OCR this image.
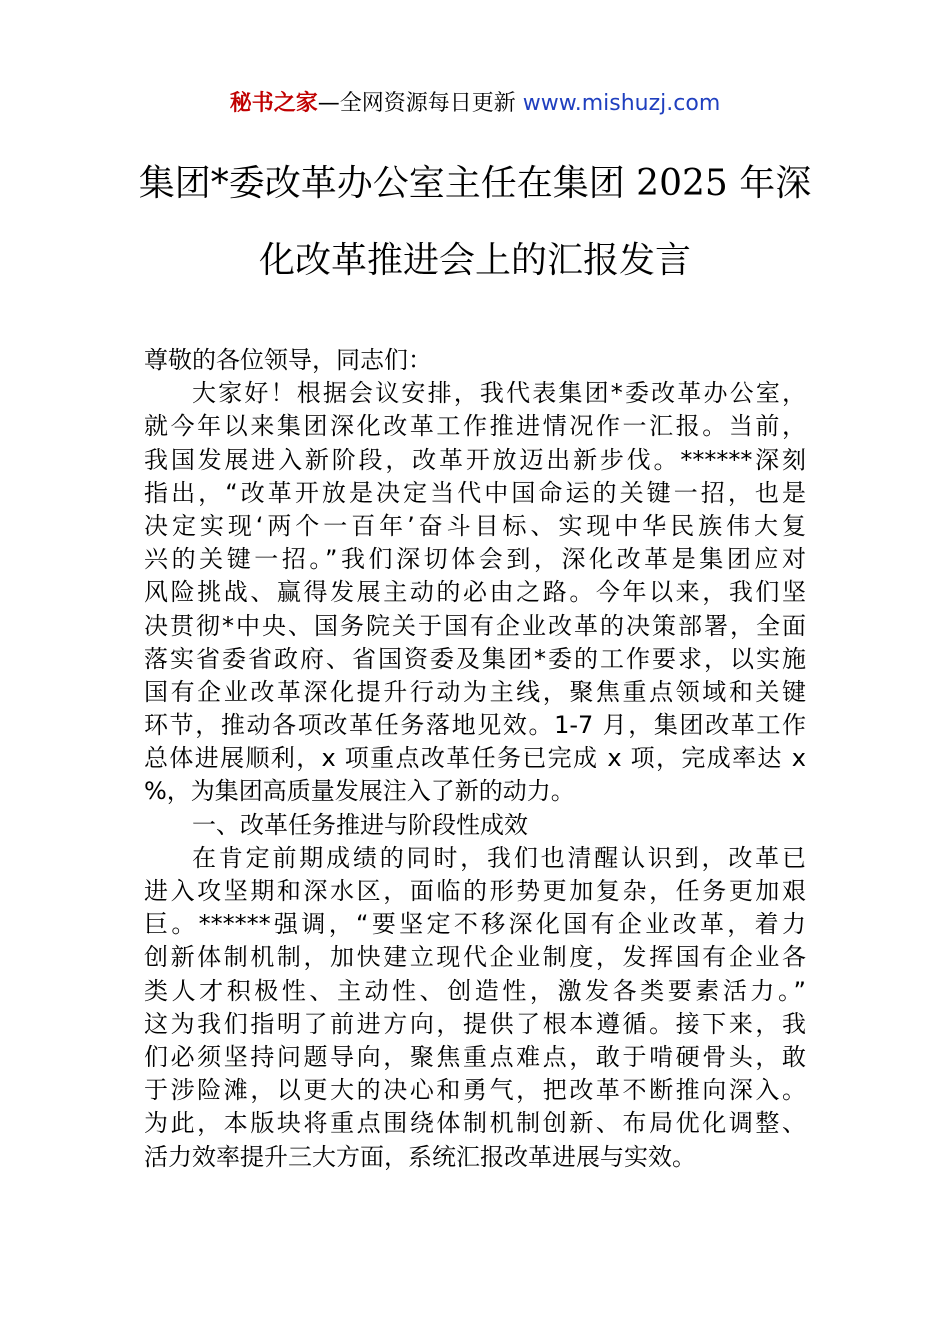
秘书之家—全网资源每日更新 www.mishuzj.com
集团*委改革办公室主任在集团 2025 年深
化改革推进会上的汇报发言
尊敬的各位领导，同志们：
大家好！根据会议安排，我代表集团*委改革办公室，
就今年以来集团深化改革工作推进情况作一汇报。当前，
我国发展进入新阶段，改革开放迈出新步伐。******深刻
指出，“改革开放是决定当代中国命运的关键一招，也是
决定实现‘两个一百年’奋斗目标、实现中华民族伟大复
兴的关键一招。”我们深切体会到，深化改革是集团应对
风险挑战、赢得发展主动的必由之路。今年以来，我们坚
决贯彻*中央、国务院关于国有企业改革的决策部署，全面
落实省委省政府、省国资委及集团*委的工作要求，以实施
国有企业改革深化提升行动为主线，聚焦重点领域和关键
环节，推动各项改革任务落地见效。1-7 月，集团改革工作
总体进展顺利，x 项重点改革任务已完成 x 项，完成率达 x
%，为集团高质量发展注入了新的动力。
一、改革任务推进与阶段性成效
在肯定前期成绩的同时，我们也清醒认识到，改革已
进入攻坚期和深水区，面临的形势更加复杂，任务更加艰
巨。******强调，“要坚定不移深化国有企业改革，着力
创新体制机制，加快建立现代企业制度，发挥国有企业各
类人才积极性、主动性、创造性，激发各类要素活力。”
这为我们指明了前进方向，提供了根本遵循。接下来，我
们必须坚持问题导向，聚焦重点难点，敢于啃硬骨头，敢
于涉险滩，以更大的决心和勇气，把改革不断推向深入。
为此，本版块将重点围绕体制机制创新、布局优化调整、
活力效率提升三大方面，系统汇报改革进展与实效。
